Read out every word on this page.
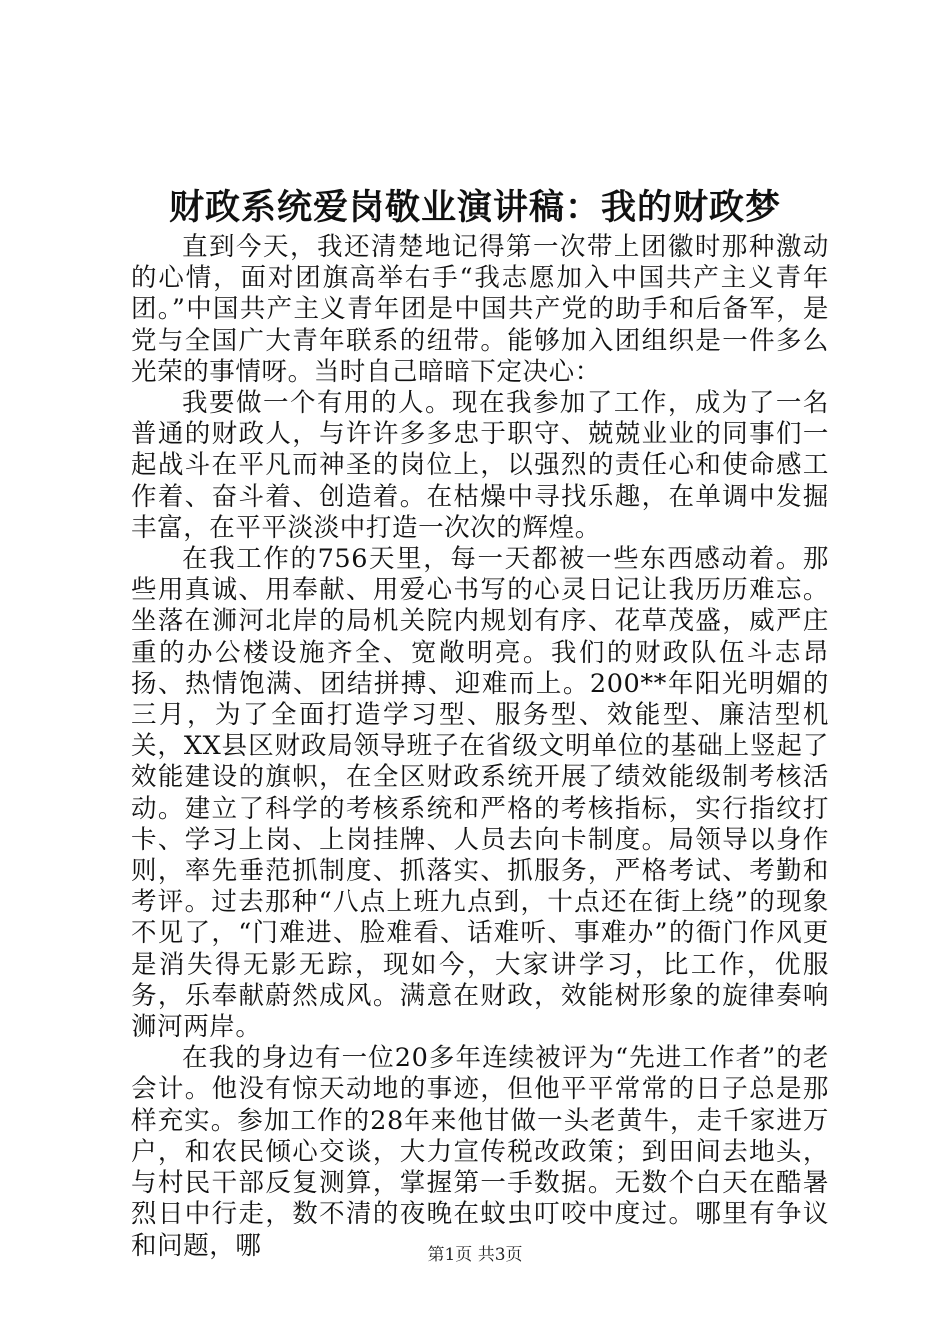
财政系统爱岗敬业演讲稿：我的财政梦

直到今天，我还清楚地记得第一次带上团徽时那种激动的心情，面对团旗高举右手“我志愿加入中国共产主义青年团。”中国共产主义青年团是中国共产党的助手和后备军，是党与全国广大青年联系的纽带。能够加入团组织是一件多么光荣的事情呀。当时自己暗暗下定决心：

我要做一个有用的人。现在我参加了工作，成为了一名普通的财政人，与许许多多忠于职守、兢兢业业的同事们一起战斗在平凡而神圣的岗位上，以强烈的责任心和使命感工作着、奋斗着、创造着。在枯燥中寻找乐趣，在单调中发掘丰富，在平平淡淡中打造一次次的辉煌。

在我工作的756天里，每一天都被一些东西感动着。那些用真诚、用奉献、用爱心书写的心灵日记让我历历难忘。坐落在浉河北岸的局机关院内规划有序、花草茂盛，威严庄重的办公楼设施齐全、宽敞明亮。我们的财政队伍斗志昂扬、热情饱满、团结拼搏、迎难而上。200**年阳光明媚的三月，为了全面打造学习型、服务型、效能型、廉洁型机关，XX县区财政局领导班子在省级文明单位的基础上竖起了效能建设的旗帜，在全区财政系统开展了绩效能级制考核活动。建立了科学的考核系统和严格的考核指标，实行指纹打卡、学习上岗、上岗挂牌、人员去向卡制度。局领导以身作则，率先垂范抓制度、抓落实、抓服务，严格考试、考勤和考评。过去那种“八点上班九点到，十点还在街上绕”的现象不见了，“门难进、脸难看、话难听、事难办”的衙门作风更是消失得无影无踪，现如今，大家讲学习，比工作，优服务，乐奉献蔚然成风。满意在财政，效能树形象的旋律奏响浉河两岸。

在我的身边有一位20多年连续被评为“先进工作者”的老会计。他没有惊天动地的事迹，但他平平常常的日子总是那样充实。参加工作的28年来他甘做一头老黄牛，走千家进万户，和农民倾心交谈，大力宣传税改政策；到田间去地头，与村民干部反复测算，掌握第一手数据。无数个白天在酷暑烈日中行走，数不清的夜晚在蚊虫叮咬中度过。哪里有争议和问题，哪	第1页 共3页
